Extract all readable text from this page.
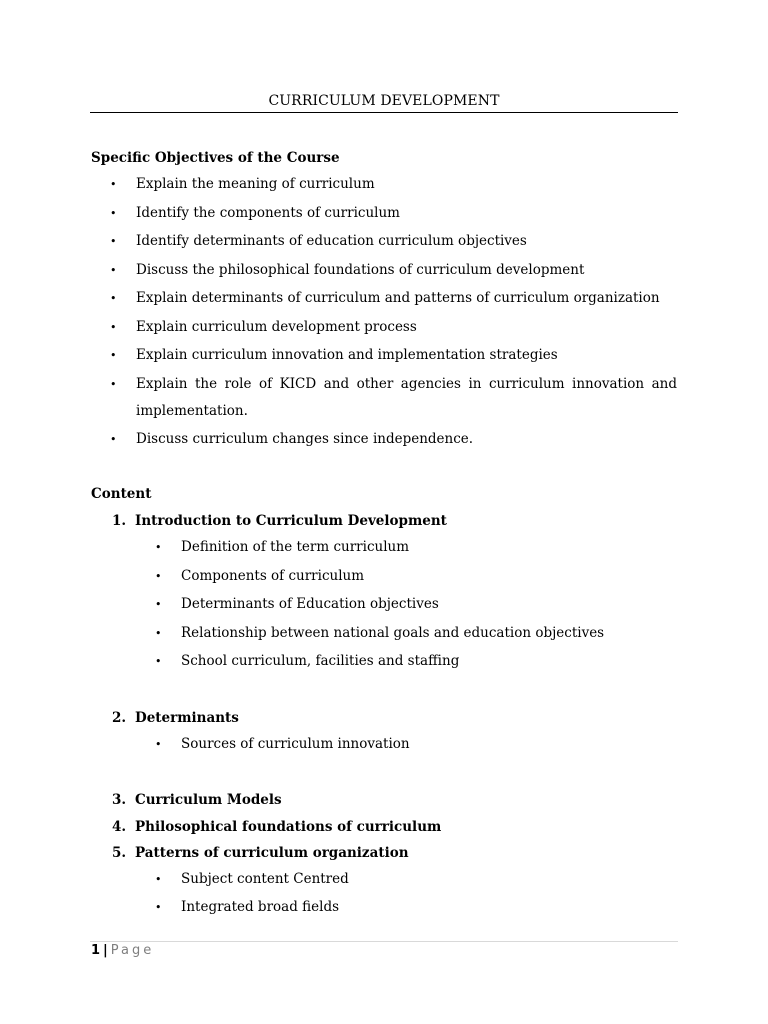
CURRICULUM DEVELOPMENT
Specific Objectives of the Course
• Explain the meaning of curriculum
• Identify the components of curriculum
• Identify determinants of education curriculum objectives
• Discuss the philosophical foundations of curriculum development
• Explain determinants of curriculum and patterns of curriculum organization
• Explain curriculum development process
• Explain curriculum innovation and implementation strategies
• Explain the role of KICD and other agencies in curriculum innovation and
implementation.
• Discuss curriculum changes since independence.
Content
1. Introduction to Curriculum Development
• Definition of the term curriculum
• Components of curriculum
• Determinants of Education objectives
• Relationship between national goals and education objectives
• School curriculum, facilities and staffing
2. Determinants
• Sources of curriculum innovation
3. Curriculum Models
4. Philosophical foundations of curriculum
5. Patterns of curriculum organization
• Subject content Centred
• Integrated broad fields
1 | Page
